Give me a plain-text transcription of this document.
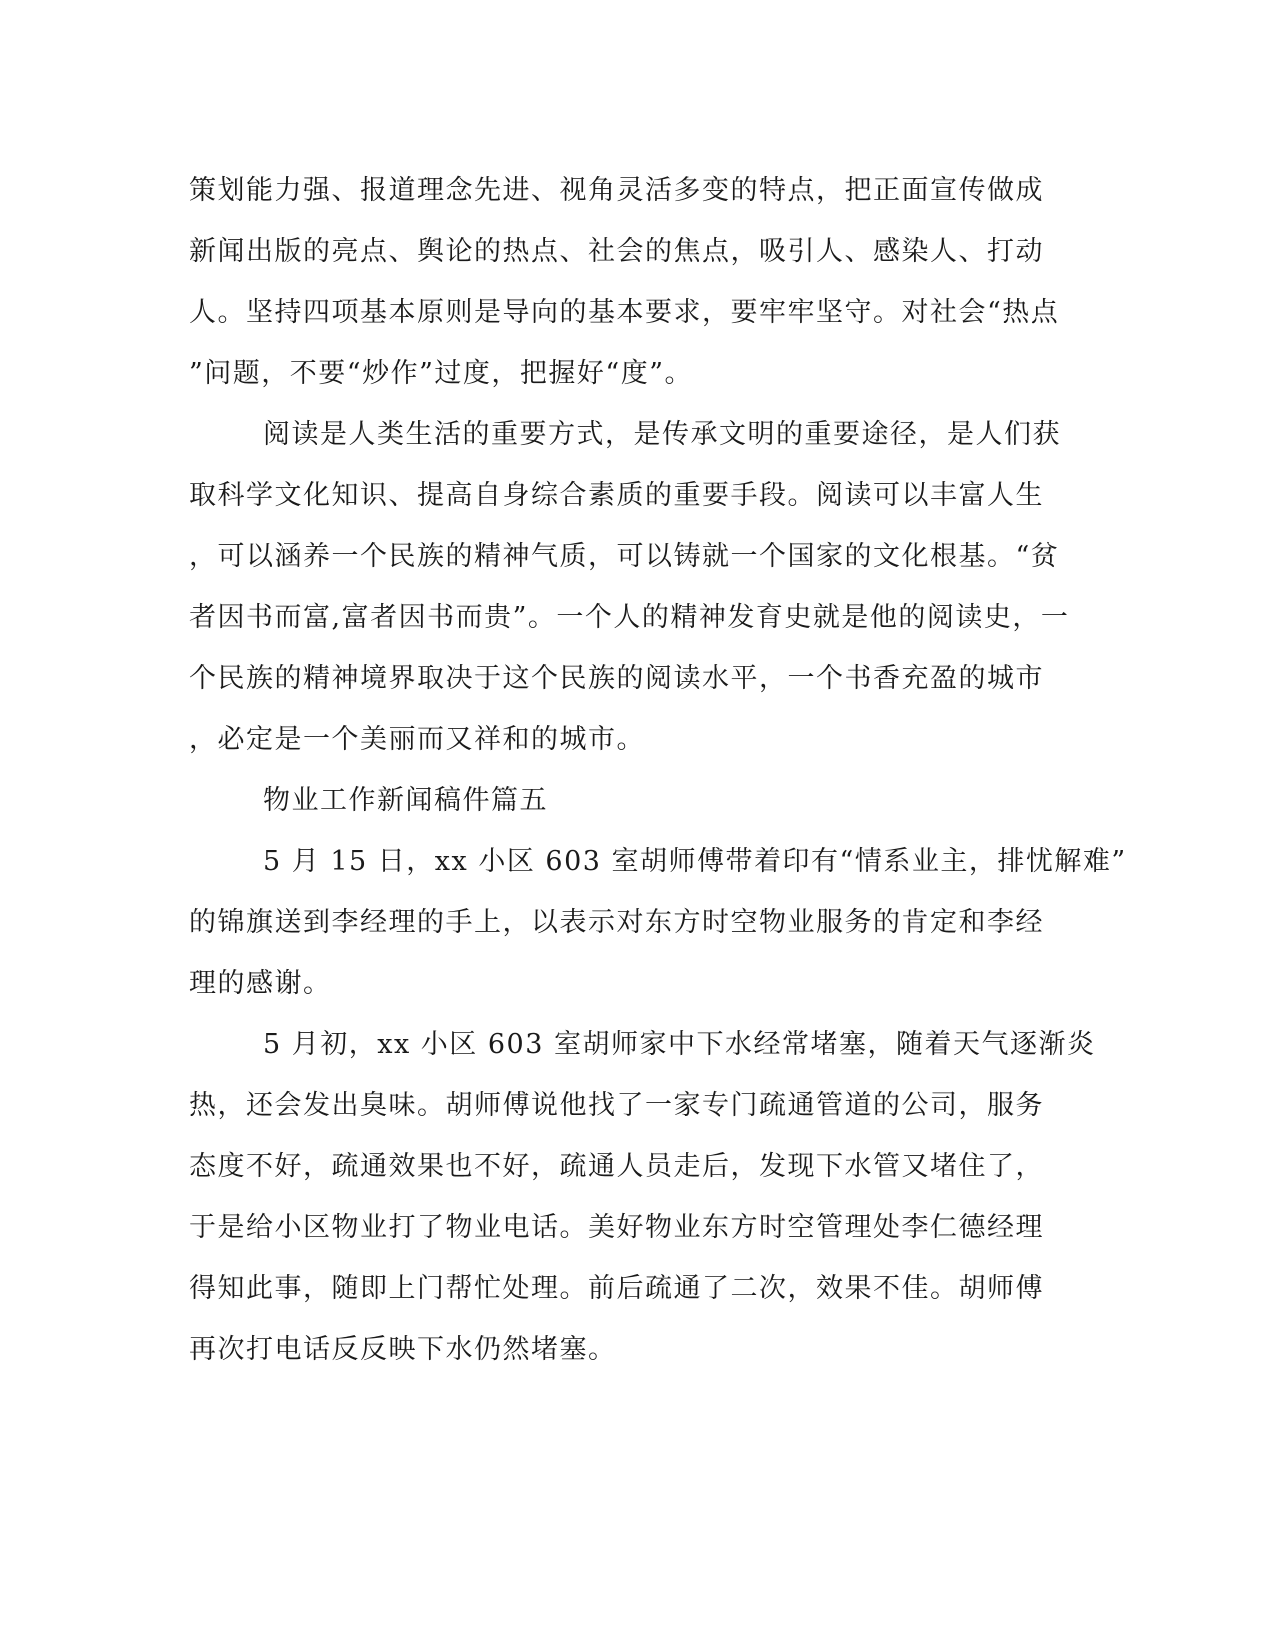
策划能力强、报道理念先进、视角灵活多变的特点，把正面宣传做成
新闻出版的亮点、舆论的热点、社会的焦点，吸引人、感染人、打动
人。坚持四项基本原则是导向的基本要求，要牢牢坚守。对社会“热点
”问题，不要“炒作”过度，把握好“度”。
阅读是人类生活的重要方式，是传承文明的重要途径，是人们获
取科学文化知识、提高自身综合素质的重要手段。阅读可以丰富人生
，可以涵养一个民族的精神气质，可以铸就一个国家的文化根基。“贫
者因书而富,富者因书而贵”。一个人的精神发育史就是他的阅读史，一
个民族的精神境界取决于这个民族的阅读水平，一个书香充盈的城市
，必定是一个美丽而又祥和的城市。
物业工作新闻稿件篇五
5 月 15 日，xx 小区 603 室胡师傅带着印有“情系业主，排忧解难”
的锦旗送到李经理的手上，以表示对东方时空物业服务的肯定和李经
理的感谢。
5 月初，xx 小区 603 室胡师家中下水经常堵塞，随着天气逐渐炎
热，还会发出臭味。胡师傅说他找了一家专门疏通管道的公司，服务
态度不好，疏通效果也不好，疏通人员走后，发现下水管又堵住了，
于是给小区物业打了物业电话。美好物业东方时空管理处李仁德经理
得知此事，随即上门帮忙处理。前后疏通了二次，效果不佳。胡师傅
再次打电话反反映下水仍然堵塞。
